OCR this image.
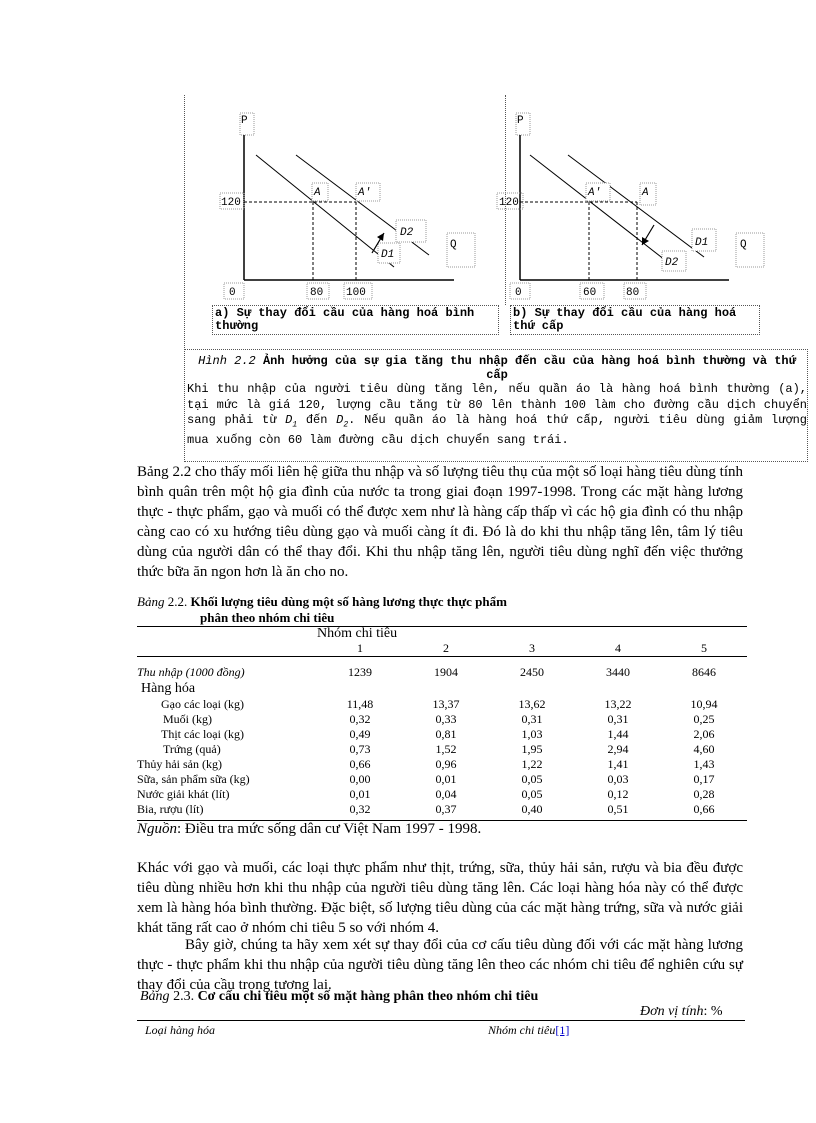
P
120
A	A'
D2
D1
Q
0	80 100
P
120
A'	A
D1
D2
Q
0	60	80
a) Sự thay đổi cầu của hàng hoá bình thường
b) Sự thay đổi cầu của hàng hoá thứ cấp
Hình 2.2 Ảnh hưởng của sự gia tăng thu nhập đến cầu của hàng hoá bình thường và thứ cấp
Khi thu nhập của người tiêu dùng tăng lên, nếu quần áo là hàng hoá bình thường (a), tại mức là giá 120, lượng cầu tăng từ 80 lên thành 100 làm cho đường cầu dịch chuyển sang phải từ $D_1$ đến $D_2$. Nếu quần áo là hàng hoá thứ cấp, người tiêu dùng giảm lượng mua xuống còn 60 làm đường cầu dịch chuyển sang trái.
Bảng 2.2 cho thấy mối liên hệ giữa thu nhập và số lượng tiêu thụ của một số loại hàng tiêu dùng tính bình quân trên một hộ gia đình của nước ta trong giai đoạn 1997-1998. Trong các mặt hàng lương thực - thực phẩm, gạo và muối có thể được xem như là hàng cấp thấp vì các hộ gia đình có thu nhập càng cao có xu hướng tiêu dùng gạo và muối càng ít đi. Đó là do khi thu nhập tăng lên, tâm lý tiêu dùng của người dân có thể thay đổi. Khi thu nhập tăng lên, người tiêu dùng nghĩ đến việc thưởng thức bữa ăn ngon hơn là ăn cho no.
Bảng 2.2. Khối lượng tiêu dùng một số hàng lương thực thực phẩm
phân theo nhóm chi tiêu
	Nhóm chi tiêu				
	1	2	3	4	5

Thu nhập (1000 đồng)	1239	1904	2450	3440	8646
Hàng hóa					
Gạo các loại (kg)	11,48	13,37	13,62	13,22	10,94
Muối (kg)	0,32	0,33	0,31	0,31	0,25
Thịt các loại (kg)	0,49	0,81	1,03	1,44	2,06
Trứng (quả)	0,73	1,52	1,95	2,94	4,60
Thủy hải sản (kg)	0,66	0,96	1,22	1,41	1,43
Sữa, sản phẩm sữa (kg)	0,00	0,01	0,05	0,03	0,17
Nước giải khát (lít)	0,01	0,04	0,05	0,12	0,28
Bia, rượu (lít)	0,32	0,37	0,40	0,51	0,66
Nguồn: Điều tra mức sống dân cư Việt Nam 1997 - 1998.
Khác với gạo và muối, các loại thực phẩm như thịt, trứng, sữa, thủy hải sản, rượu và bia đều được tiêu dùng nhiều hơn khi thu nhập của người tiêu dùng tăng lên. Các loại hàng hóa này có thể được xem là hàng hóa bình thường. Đặc biệt, số lượng tiêu dùng của các mặt hàng trứng, sữa và nước giải khát tăng rất cao ở nhóm chi tiêu 5 so với nhóm 4.
Bây giờ, chúng ta hãy xem xét sự thay đổi của cơ cấu tiêu dùng đối với các mặt hàng lương thực - thực phẩm khi thu nhập của người tiêu dùng tăng lên theo các nhóm chi tiêu để nghiên cứu sự thay đổi của cầu trong tương lai.
Bảng 2.3. Cơ cấu chi tiêu một số mặt hàng phân theo nhóm chi tiêu
Đơn vị tính: %
Loại hàng hóa	Nhóm chi tiêu[1]
